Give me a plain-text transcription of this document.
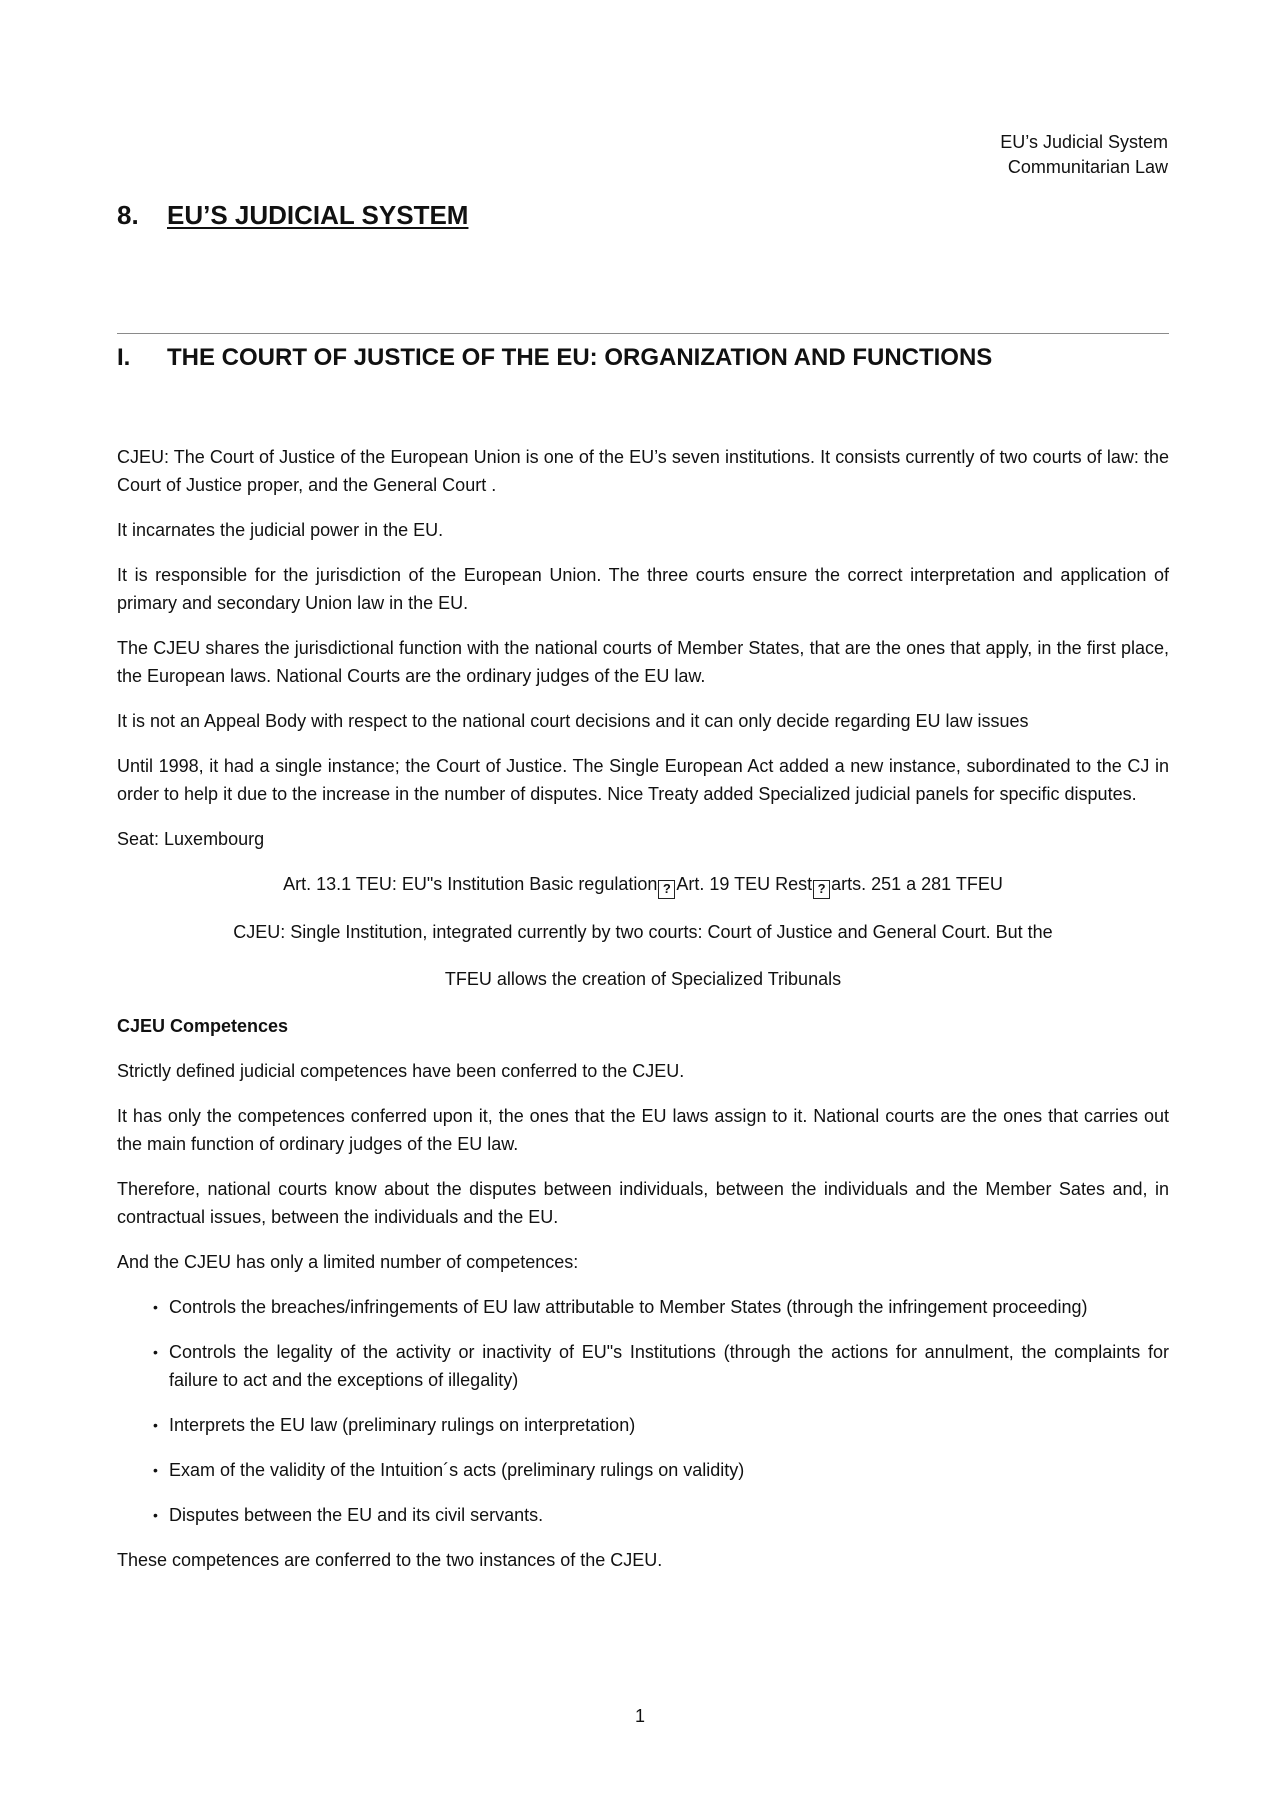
EU’s Judicial System
Communitarian Law
8. EU’S JUDICIAL SYSTEM
I. THE COURT OF JUSTICE OF THE EU: ORGANIZATION AND FUNCTIONS

CJEU: The Court of Justice of the European Union is one of the EU’s seven institutions. It consists currently of two courts of law: the Court of Justice proper, and the General Court .

It incarnates the judicial power in the EU.

It is responsible for the jurisdiction of the European Union. The three courts ensure the correct interpretation and application of primary and secondary Union law in the EU.

The CJEU shares the jurisdictional function with the national courts of Member States, that are the ones that apply, in the first place, the European laws. National Courts are the ordinary judges of the EU law.

It is not an Appeal Body with respect to the national court decisions and it can only decide regarding EU law issues

Until 1998, it had a single instance; the Court of Justice. The Single European Act added a new instance, subordinated to the CJ in order to help it due to the increase in the number of disputes. Nice Treaty added Specialized judicial panels for specific disputes.

Seat: Luxembourg

Art. 13.1 TEU: EU"s Institution Basic regulation ? Art. 19 TEU Rest ? arts. 251 a 281 TFEU

CJEU: Single Institution, integrated currently by two courts: Court of Justice and General Court. But the

TFEU allows the creation of Specialized Tribunals

CJEU Competences

Strictly defined judicial competences have been conferred to the CJEU.

It has only the competences conferred upon it, the ones that the EU laws assign to it. National courts are the ones that carries out the main function of ordinary judges of the EU law.

Therefore, national courts know about the disputes between individuals, between the individuals and the Member Sates and, in contractual issues, between the individuals and the EU.

And the CJEU has only a limited number of competences:

• Controls the breaches/infringements of EU law attributable to Member States (through the infringement proceeding)
• Controls the legality of the activity or inactivity of EU"s Institutions (through the actions for annulment, the complaints for failure to act and the exceptions of illegality)
• Interprets the EU law (preliminary rulings on interpretation)
• Exam of the validity of the Intuition´s acts (preliminary rulings on validity)
• Disputes between the EU and its civil servants.

These competences are conferred to the two instances of the CJEU.

1
